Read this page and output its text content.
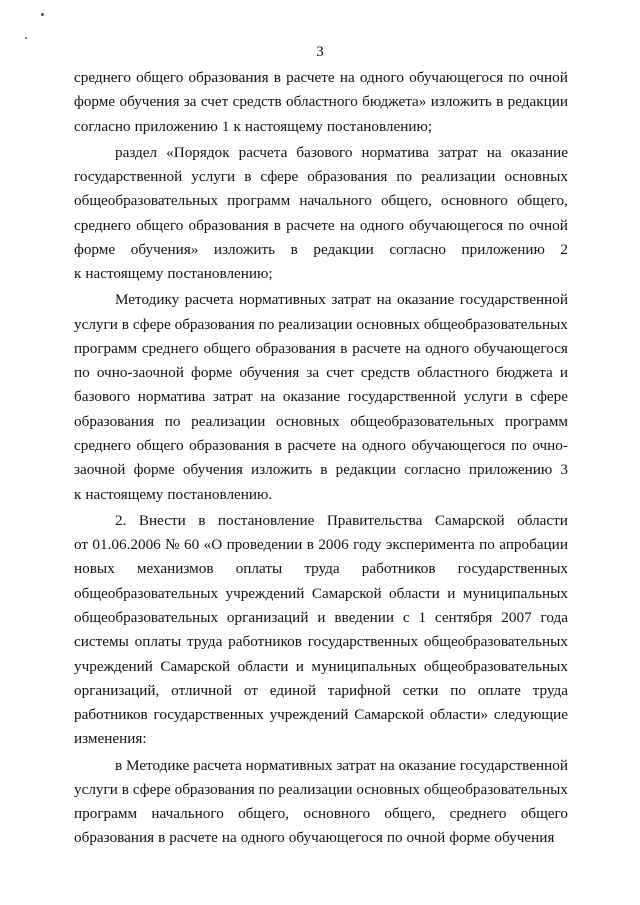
3
среднего общего образования в расчете на одного обучающегося по очной
форме обучения за счет средств областного бюджета» изложить в редакции
согласно приложению 1 к настоящему постановлению;
раздел «Порядок расчета базового норматива затрат на оказание
государственной услуги в сфере образования по реализации основных
общеобразовательных программ начального общего, основного общего,
среднего общего образования в расчете на одного обучающегося по очной
форме обучения» изложить в редакции согласно приложению 2
к настоящему постановлению;
Методику расчета нормативных затрат на оказание государственной
услуги в сфере образования по реализации основных общеобразовательных
программ среднего общего образования в расчете на одного обучающегося
по очно-заочной форме обучения за счет средств областного бюджета и
базового норматива затрат на оказание государственной услуги в сфере
образования по реализации основных общеобразовательных программ
среднего общего образования в расчете на одного обучающегося по очно-
заочной форме обучения изложить в редакции согласно приложению 3
к настоящему постановлению.
2. Внести в постановление Правительства Самарской области
от 01.06.2006 № 60 «О проведении в 2006 году эксперимента по апробации
новых механизмов оплаты труда работников государственных
общеобразовательных учреждений Самарской области и муниципальных
общеобразовательных организаций и введении с 1 сентября 2007 года
системы оплаты труда работников государственных общеобразовательных
учреждений Самарской области и муниципальных общеобразовательных
организаций, отличной от единой тарифной сетки по оплате труда
работников государственных учреждений Самарской области» следующие
изменения:
в Методике расчета нормативных затрат на оказание государственной
услуги в сфере образования по реализации основных общеобразовательных
программ начального общего, основного общего, среднего общего
образования в расчете на одного обучающегося по очной форме обучения
